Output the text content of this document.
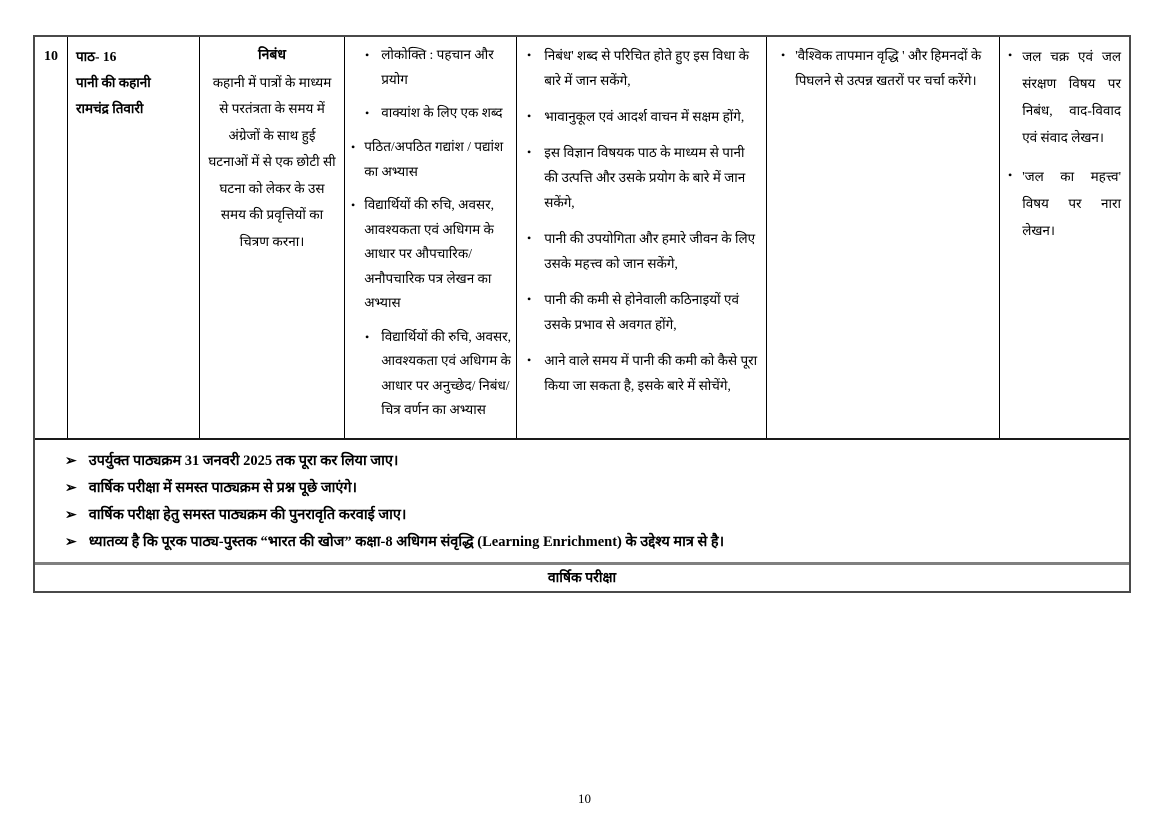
10	पाठ- 16
पानी की कहानी
रामचंद्र तिवारी
निबंध
कहानी में पात्रों के माध्यम से परतंत्रता के समय में अंग्रेजों के साथ हुई घटनाओं में से एक छोटी सी घटना को लेकर के उस समय की प्रवृत्तियों का चित्रण करना।
• लोकोक्ति : पहचान और प्रयोग
• वाक्यांश के लिए एक शब्द
• पठित/अपठित गद्यांश / पद्यांश का अभ्यास
• विद्यार्थियों की रुचि, अवसर, आवश्यकता एवं अधिगम के आधार पर औपचारिक/ अनौपचारिक पत्र लेखन का अभ्यास
• विद्यार्थियों की रुचि, अवसर, आवश्यकता एवं अधिगम के आधार पर अनुच्छेद/ निबंध/ चित्र वर्णन का अभ्यास
• निबंध' शब्द से परिचित होते हुए इस विधा के बारे में जान सकेंगे,
• भावानुकूल एवं आदर्श वाचन में सक्षम होंगे,
• इस विज्ञान विषयक पाठ के माध्यम से पानी की उत्पत्ति और उसके प्रयोग के बारे में जान सकेंगे,
• पानी की उपयोगिता और हमारे जीवन के लिए उसके महत्त्व को जान सकेंगे,
• पानी की कमी से होनेवाली कठिनाइयों एवं उसके प्रभाव से अवगत होंगे,
• आने वाले समय में पानी की कमी को कैसे पूरा किया जा सकता है, इसके बारे में सोचेंगे,
• 'वैश्विक तापमान वृद्धि ' और हिमनदों के पिघलने से उत्पन्न खतरों पर चर्चा करेंगे।
• जल चक्र एवं जल संरक्षण विषय पर निबंध, वाद-विवाद एवं संवाद लेखन।
• 'जल का महत्त्व' विषय पर नारा लेखन।
➢ उपर्युक्त पाठ्यक्रम 31 जनवरी 2025 तक पूरा कर लिया जाए।
➢ वार्षिक परीक्षा में समस्त पाठ्यक्रम से प्रश्न पूछे जाएंगे।
➢ वार्षिक परीक्षा हेतु समस्त पाठ्यक्रम की पुनरावृति करवाई जाए।
➢ ध्यातव्य है कि पूरक पाठ्य-पुस्तक “भारत की खोज” कक्षा-8 अधिगम संवृद्धि (Learning Enrichment) के उद्देश्य मात्र से है।
वार्षिक परीक्षा
10
